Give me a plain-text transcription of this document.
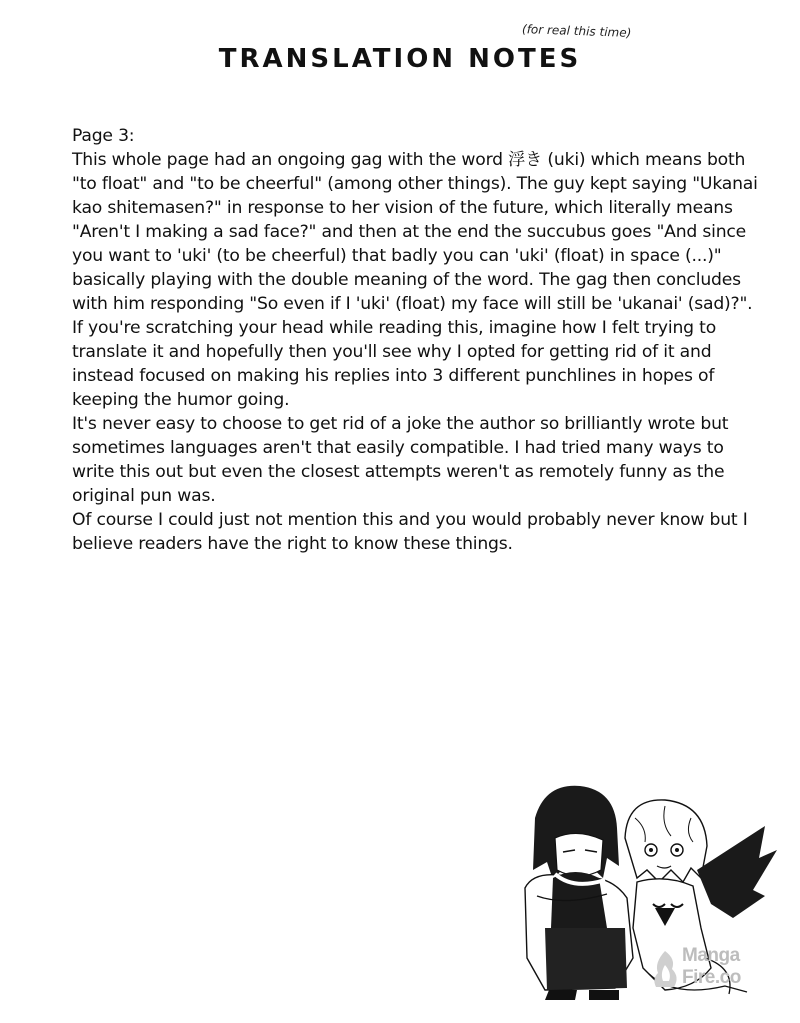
(for real this time)
TRANSLATION NOTES

Page 3:

This whole page had an ongoing gag with the word 浮き (uki) which means both "to float" and "to be cheerful" (among other things). The guy kept saying "Ukanai kao shitemasen?" in response to her vision of the future, which literally means "Aren't I making a sad face?" and then at the end the succubus goes "And since you want to 'uki' (to be cheerful) that badly you can 'uki' (float) in space (...)" basically playing with the double meaning of the word. The gag then concludes with him responding "So even if I 'uki' (float) my face will still be 'ukanai' (sad)?".

If you're scratching your head while reading this, imagine how I felt trying to translate it and hopefully then you'll see why I opted for getting rid of it and instead focused on making his replies into 3 different punchlines in hopes of keeping the humor going.

It's never easy to choose to get rid of a joke the author so brilliantly wrote but sometimes languages aren't that easily compatible. I had tried many ways to write this out but even the closest attempts weren't as remotely funny as the original pun was.

Of course I could just not mention this and you would probably never know but I believe readers have the right to know these things.

Manga
Fire.co
